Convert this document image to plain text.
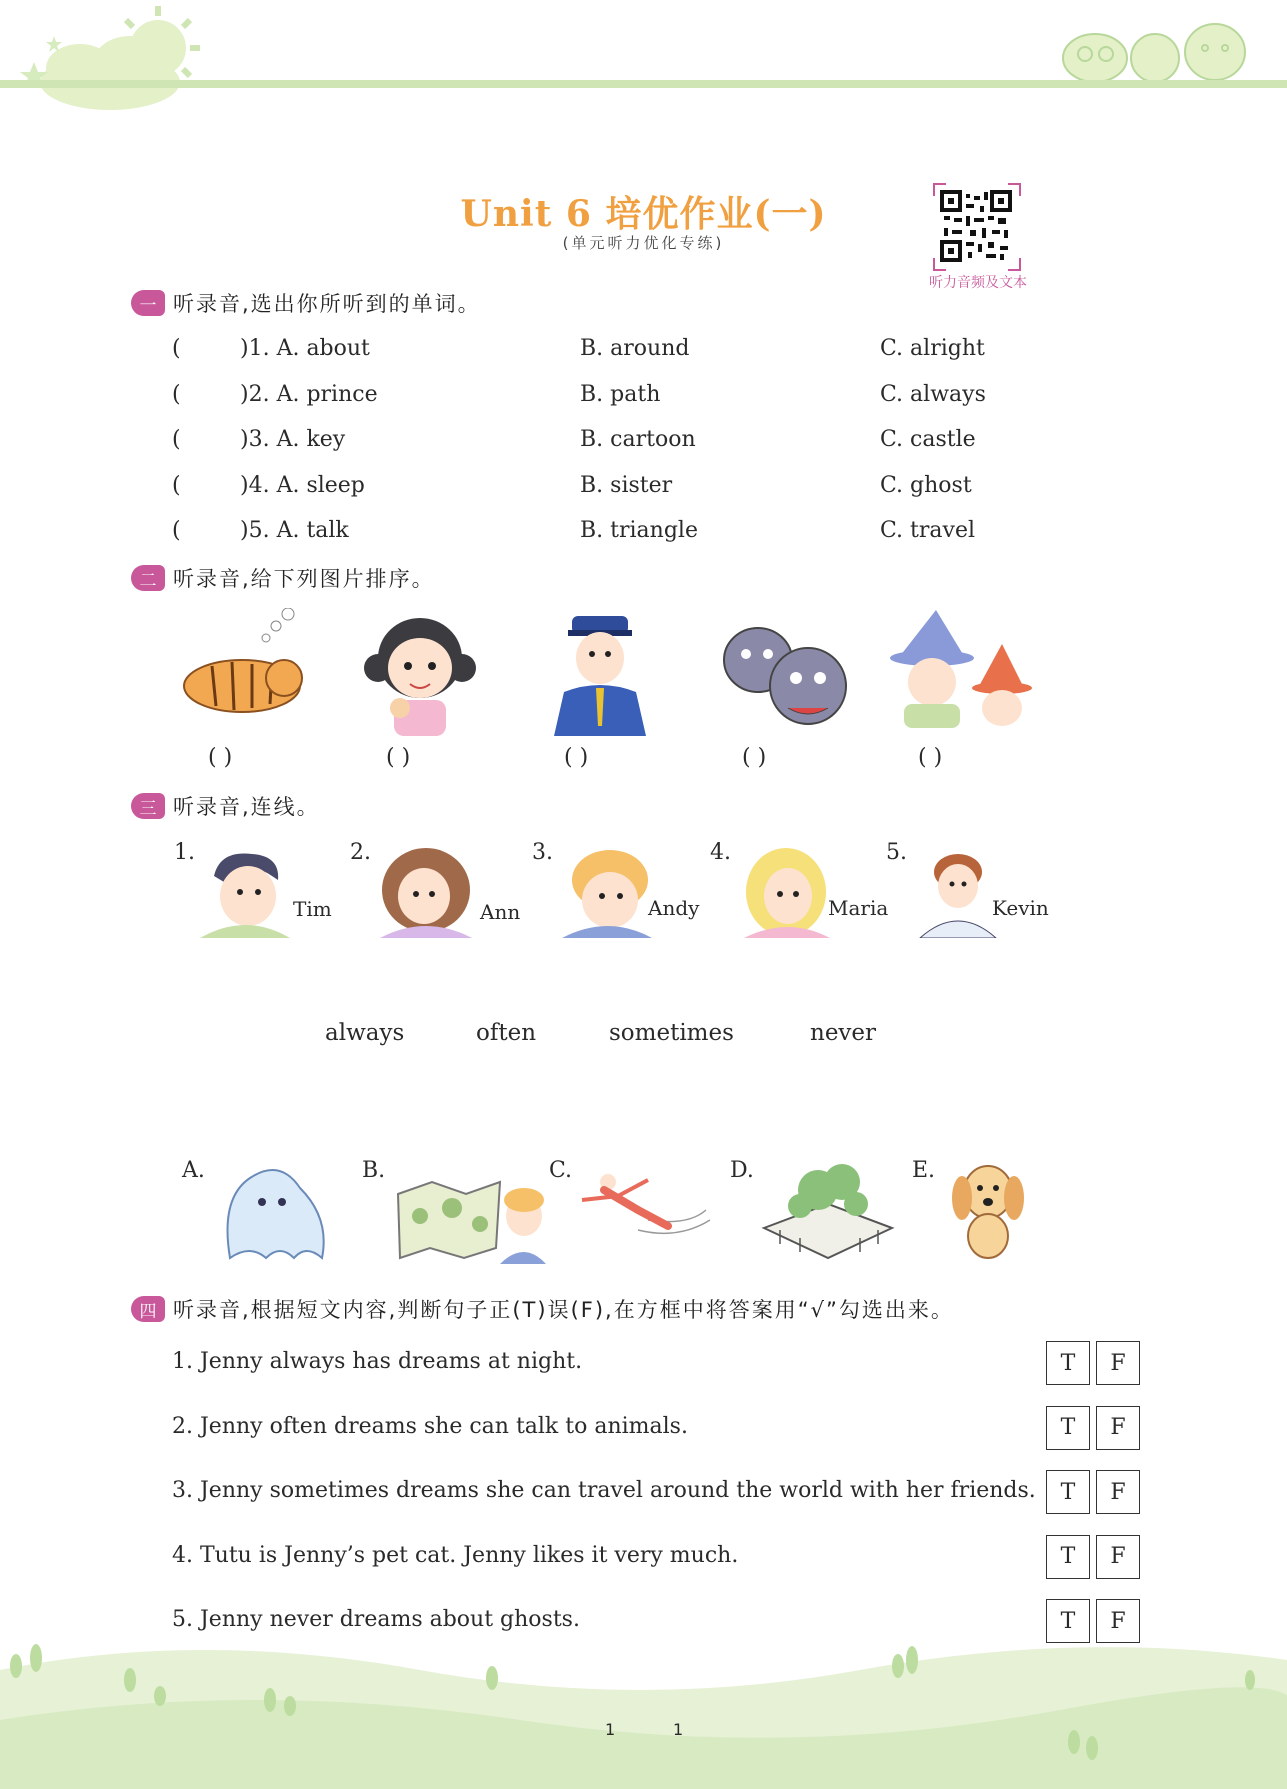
Unit 6 培优作业(一)
(单元听力优化专练)
听力音频及文本
一 听录音,选出你所听到的单词。
(	)1. A. about	B. around	C. alright
(	)2. A. prince	B. path	C. always
(	)3. A. key	B. cartoon	C. castle
(	)4. A. sleep	B. sister	C. ghost
(	)5. A. talk	B. triangle	C. travel
二 听录音,给下列图片排序。
( )	( )	( )	( )	( )
三 听录音,连线。
1.
Tim
2.
Ann
3.
Andy
4.
Maria
5.
Kevin
always	often	sometimes	never
A.	B.	C.	D.	E.
四 听录音,根据短文内容,判断句子正(T)误(F),在方框中将答案用“√”勾选出来。
1. Jenny always has dreams at night.	T	F
2. Jenny often dreams she can talk to animals.	T	F
3. Jenny sometimes dreams she can travel around the world with her friends.	T	F
4. Tutu is Jenny’s pet cat. Jenny likes it very much.	T	F
5. Jenny never dreams about ghosts.	T	F
1	1
